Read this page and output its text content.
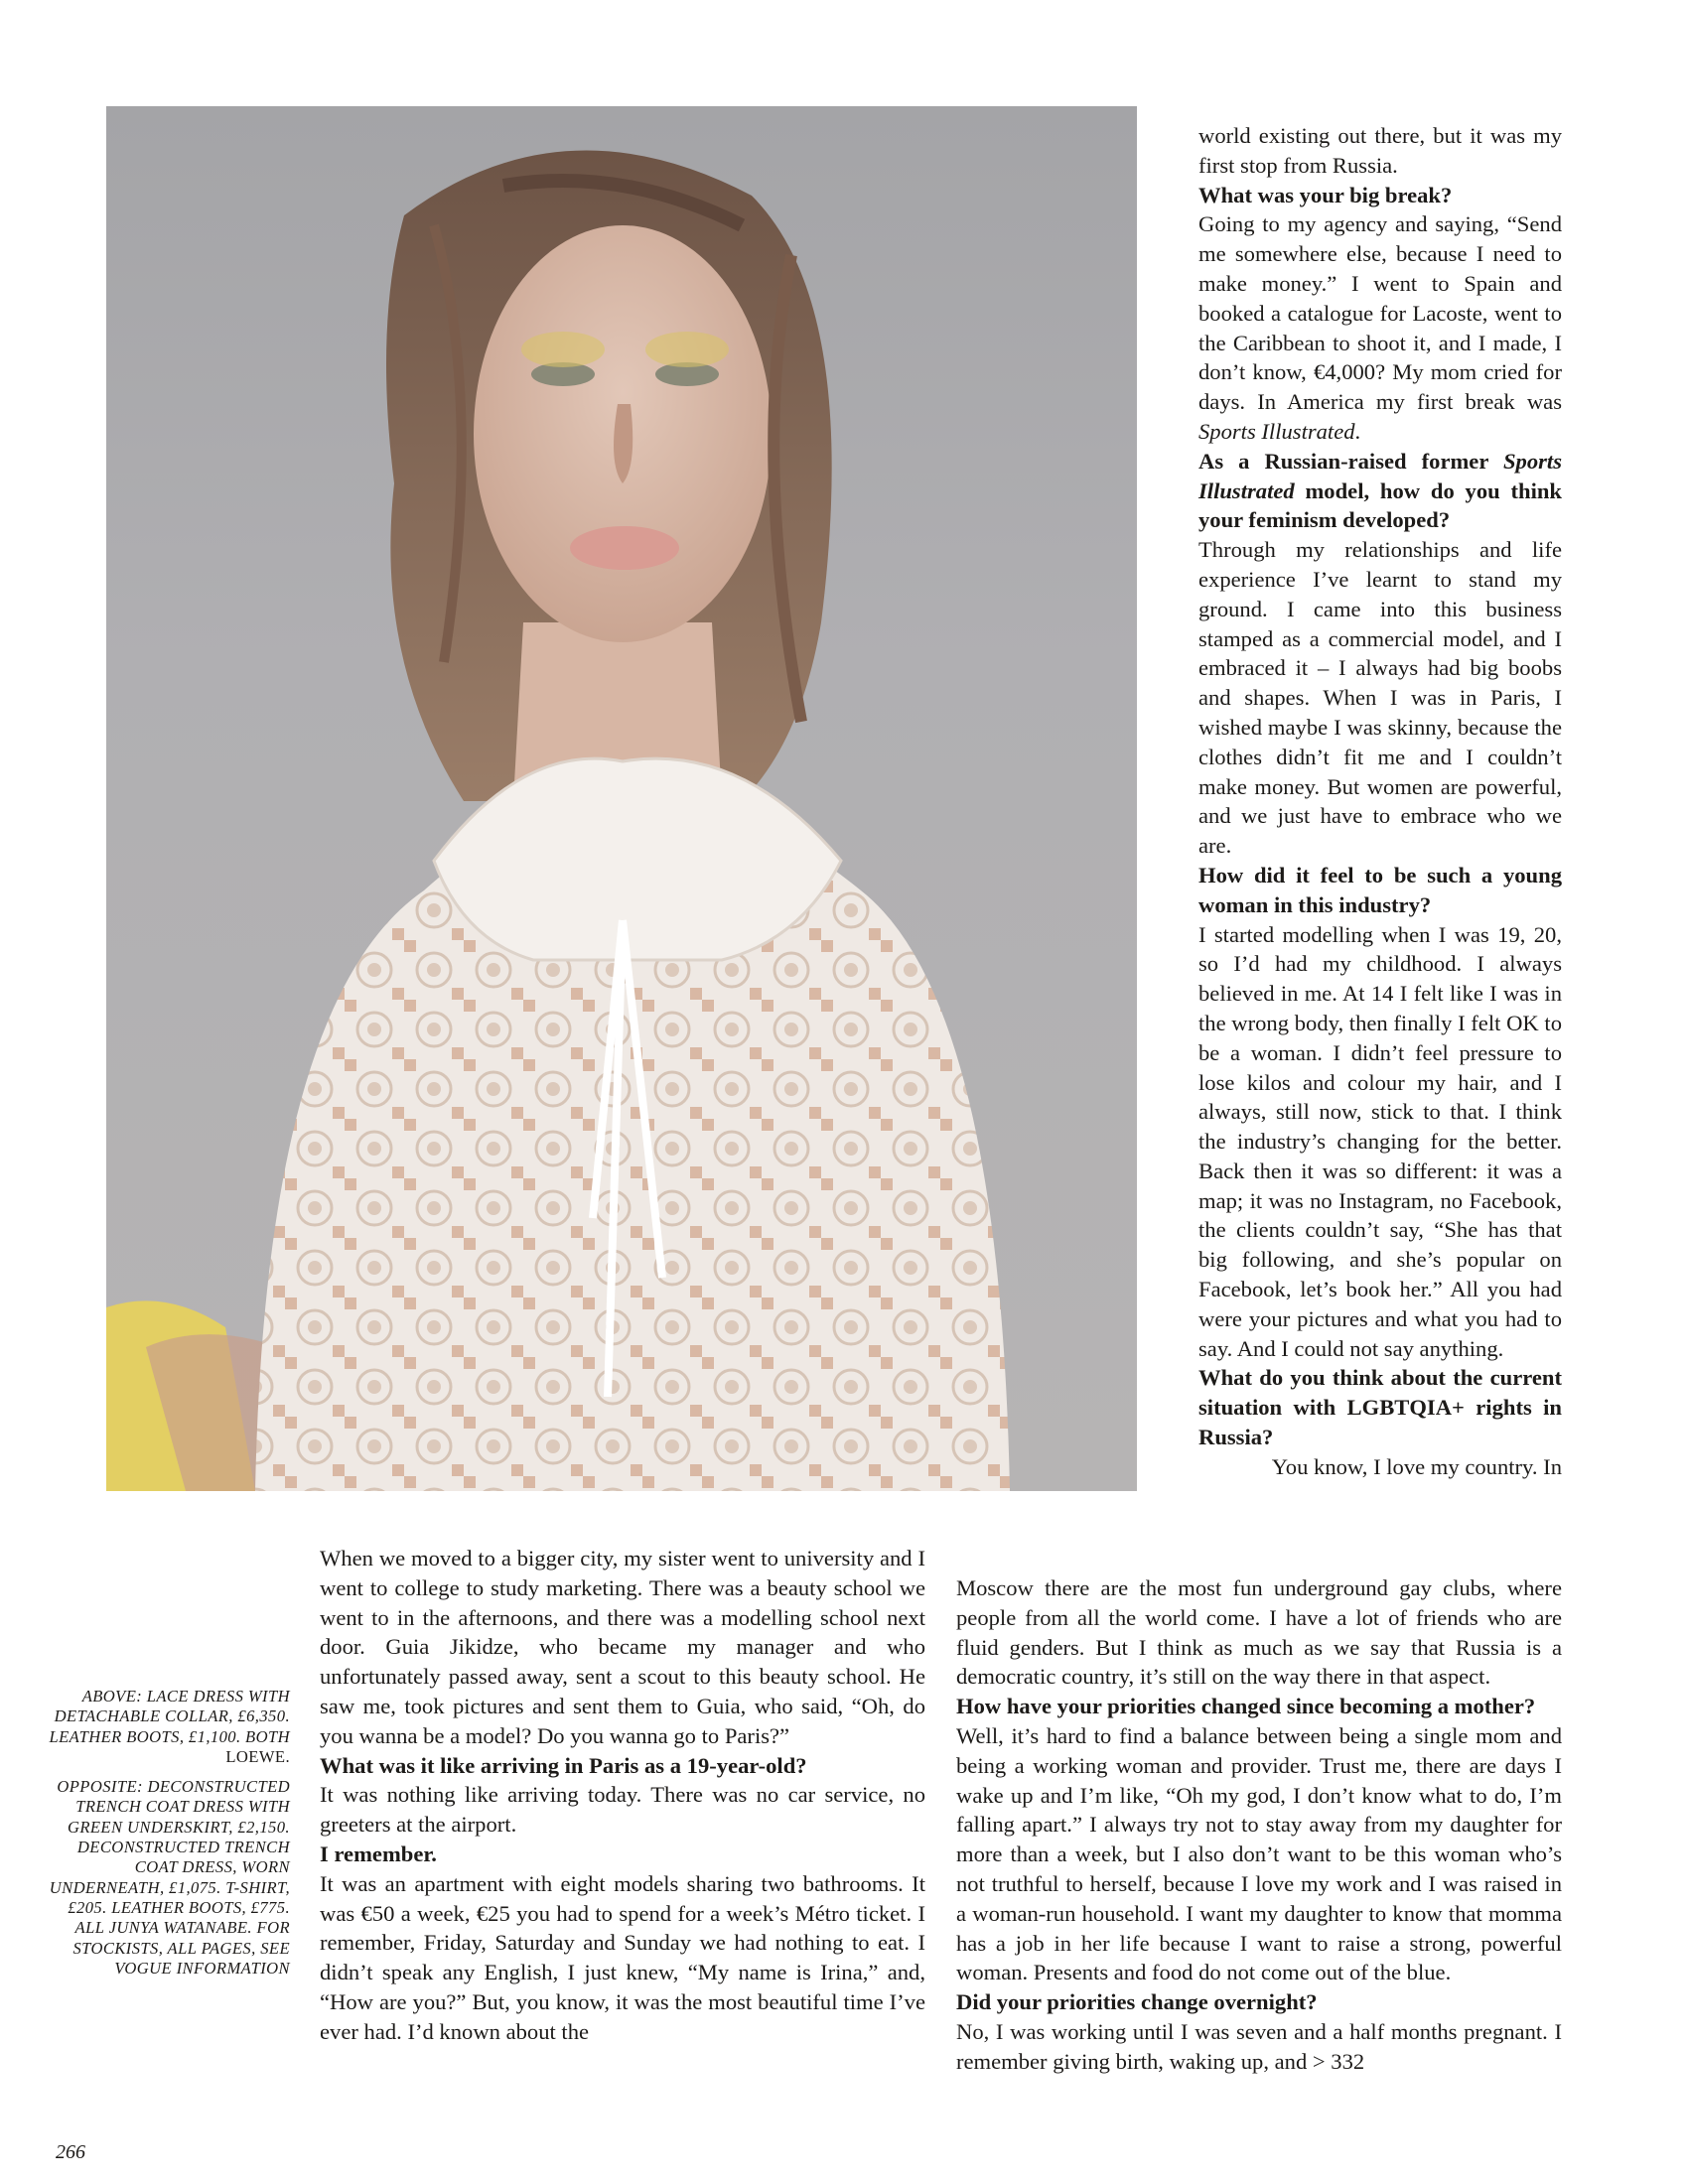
world existing out there, but it was my first stop from Russia.

What was your big break?

Going to my agency and saying, “Send me somewhere else, because I need to make money.” I went to Spain and booked a catalogue for Lacoste, went to the Caribbean to shoot it, and I made, I don’t know, €4,000? My mom cried for days. In America my first break was Sports Illustrated.

As a Russian-raised former Sports Illustrated model, how do you think your feminism developed?

Through my relationships and life experience I’ve learnt to stand my ground. I came into this business stamped as a commercial model, and I embraced it – I always had big boobs and shapes. When I was in Paris, I wished maybe I was skinny, because the clothes didn’t fit me and I couldn’t make money. But women are powerful, and we just have to embrace who we are.

How did it feel to be such a young woman in this industry?

I started modelling when I was 19, 20, so I’d had my childhood. I always believed in me. At 14 I felt like I was in the wrong body, then finally I felt OK to be a woman. I didn’t feel pressure to lose kilos and colour my hair, and I always, still now, stick to that. I think the industry’s changing for the better. Back then it was so different: it was a map; it was no Instagram, no Facebook, the clients couldn’t say, “She has that big following, and she’s popular on Facebook, let’s book her.” All you had were your pictures and what you had to say. And I could not say anything.

What do you think about the current situation with LGBTQIA+ rights in Russia?

You know, I love my country. In

When we moved to a bigger city, my sister went to university and I went to college to study marketing. There was a beauty school we went to in the afternoons, and there was a modelling school next door. Guia Jikidze, who became my manager and who unfortunately passed away, sent a scout to this beauty school. He saw me, took pictures and sent them to Guia, who said, “Oh, do you wanna be a model? Do you wanna go to Paris?”

What was it like arriving in Paris as a 19-year-old?

It was nothing like arriving today. There was no car service, no greeters at the airport.

I remember.

It was an apartment with eight models sharing two bathrooms. It was €50 a week, €25 you had to spend for a week’s Métro ticket. I remember, Friday, Saturday and Sunday we had nothing to eat. I didn’t speak any English, I just knew, “My name is Irina,” and, “How are you?” But, you know, it was the most beautiful time I’ve ever had. I’d known about the

Moscow there are the most fun underground gay clubs, where people from all the world come. I have a lot of friends who are fluid genders. But I think as much as we say that Russia is a democratic country, it’s still on the way there in that aspect.

How have your priorities changed since becoming a mother?

Well, it’s hard to find a balance between being a single mom and being a working woman and provider. Trust me, there are days I wake up and I’m like, “Oh my god, I don’t know what to do, I’m falling apart.” I always try not to stay away from my daughter for more than a week, but I also don’t want to be this woman who’s not truthful to herself, because I love my work and I was raised in a woman-run household. I want my daughter to know that momma has a job in her life because I want to raise a strong, powerful woman. Presents and food do not come out of the blue.

Did your priorities change overnight?

No, I was working until I was seven and a half months pregnant. I remember giving birth, waking up, and > 332

ABOVE: LACE DRESS WITH DETACHABLE COLLAR, £6,350. LEATHER BOOTS, £1,100. BOTH LOEWE.

OPPOSITE: DECONSTRUCTED TRENCH COAT DRESS WITH GREEN UNDERSKIRT, £2,150. DECONSTRUCTED TRENCH COAT DRESS, WORN UNDERNEATH, £1,075. T-SHIRT, £205. LEATHER BOOTS, £775. ALL JUNYA WATANABE. FOR STOCKISTS, ALL PAGES, SEE VOGUE INFORMATION

266
